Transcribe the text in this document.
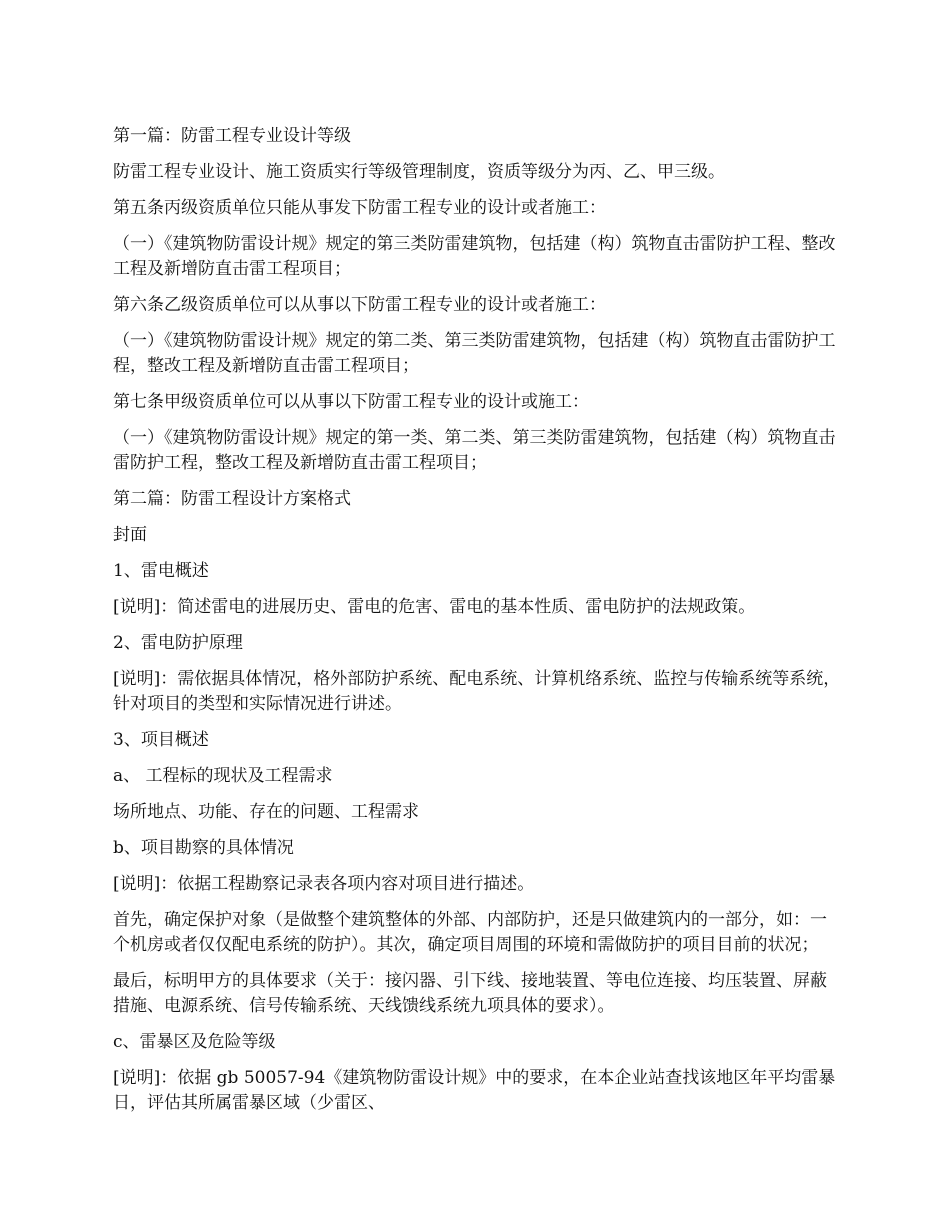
第一篇：防雷工程专业设计等级

防雷工程专业设计、施工资质实行等级管理制度，资质等级分为丙、乙、甲三级。

第五条丙级资质单位只能从事发下防雷工程专业的设计或者施工：

（一）《建筑物防雷设计规》规定的第三类防雷建筑物，包括建（构）筑物直击雷防护工程、整改工程及新增防直击雷工程项目；

第六条乙级资质单位可以从事以下防雷工程专业的设计或者施工：

（一）《建筑物防雷设计规》规定的第二类、第三类防雷建筑物，包括建（构）筑物直击雷防护工程，整改工程及新增防直击雷工程项目；

第七条甲级资质单位可以从事以下防雷工程专业的设计或施工：

（一）《建筑物防雷设计规》规定的第一类、第二类、第三类防雷建筑物，包括建（构）筑物直击雷防护工程，整改工程及新增防直击雷工程项目；

第二篇：防雷工程设计方案格式

封面

1、雷电概述

[说明]：简述雷电的进展历史、雷电的危害、雷电的基本性质、雷电防护的法规政策。

2、雷电防护原理

[说明]：需依据具体情况，格外部防护系统、配电系统、计算机络系统、监控与传输系统等系统，针对项目的类型和实际情况进行讲述。

3、项目概述

a、 工程标的现状及工程需求

场所地点、功能、存在的问题、工程需求

b、项目勘察的具体情况

[说明]：依据工程勘察记录表各项内容对项目进行描述。

首先，确定保护对象（是做整个建筑整体的外部、内部防护，还是只做建筑内的一部分，如：一个机房或者仅仅配电系统的防护）。其次，确定项目周围的环境和需做防护的项目目前的状况；

最后，标明甲方的具体要求（关于：接闪器、引下线、接地装置、等电位连接、均压装置、屏蔽措施、电源系统、信号传输系统、天线馈线系统九项具体的要求）。

c、雷暴区及危险等级

[说明]：依据 gb 50057-94《建筑物防雷设计规》中的要求，在本企业站查找该地区年平均雷暴日，评估其所属雷暴区域（少雷区、
